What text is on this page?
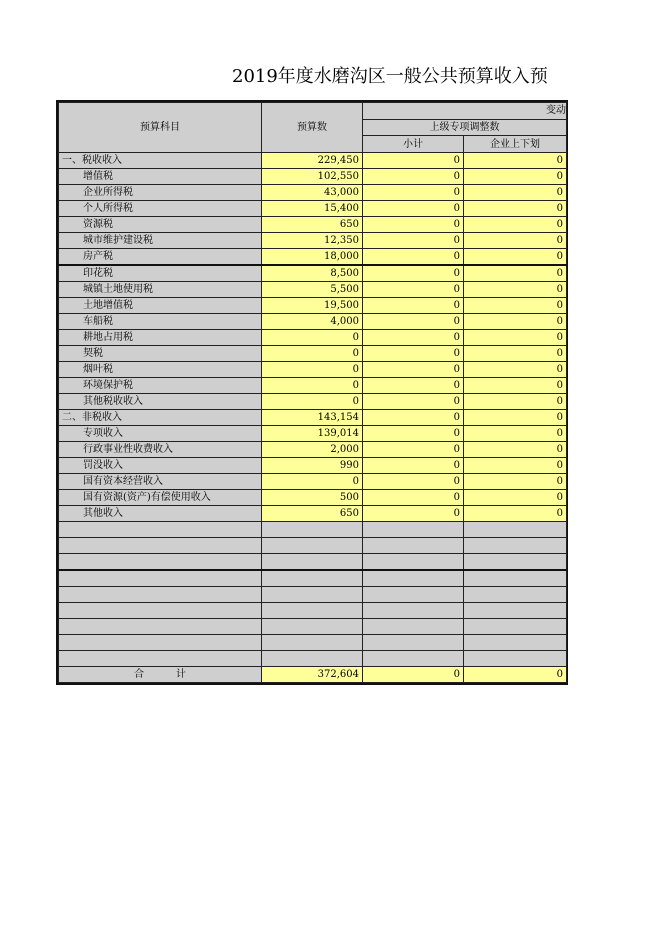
2019年度水磨沟区一般公共预算收入预
预算科目	预算数	变动	
		上级专项调整数	
		小计	企业上下划
一、税收收入	229,450	0	0
增值税	102,550	0	0
企业所得税	43,000	0	0
个人所得税	15,400	0	0
资源税	650	0	0
城市维护建设税	12,350	0	0
房产税	18,000	0	0
印花税	8,500	0	0
城镇土地使用税	5,500	0	0
土地增值税	19,500	0	0
车船税	4,000	0	0
耕地占用税	0	0	0
契税	0	0	0
烟叶税	0	0	0
环境保护税	0	0	0
其他税收收入	0	0	0
二、非税收入	143,154	0	0
专项收入	139,014	0	0
行政事业性收费收入	2,000	0	0
罚没收入	990	0	0
国有资本经营收入	0	0	0
国有资源(资产)有偿使用收入	500	0	0
其他收入	650	0	0

合          计	372,604	0	0
